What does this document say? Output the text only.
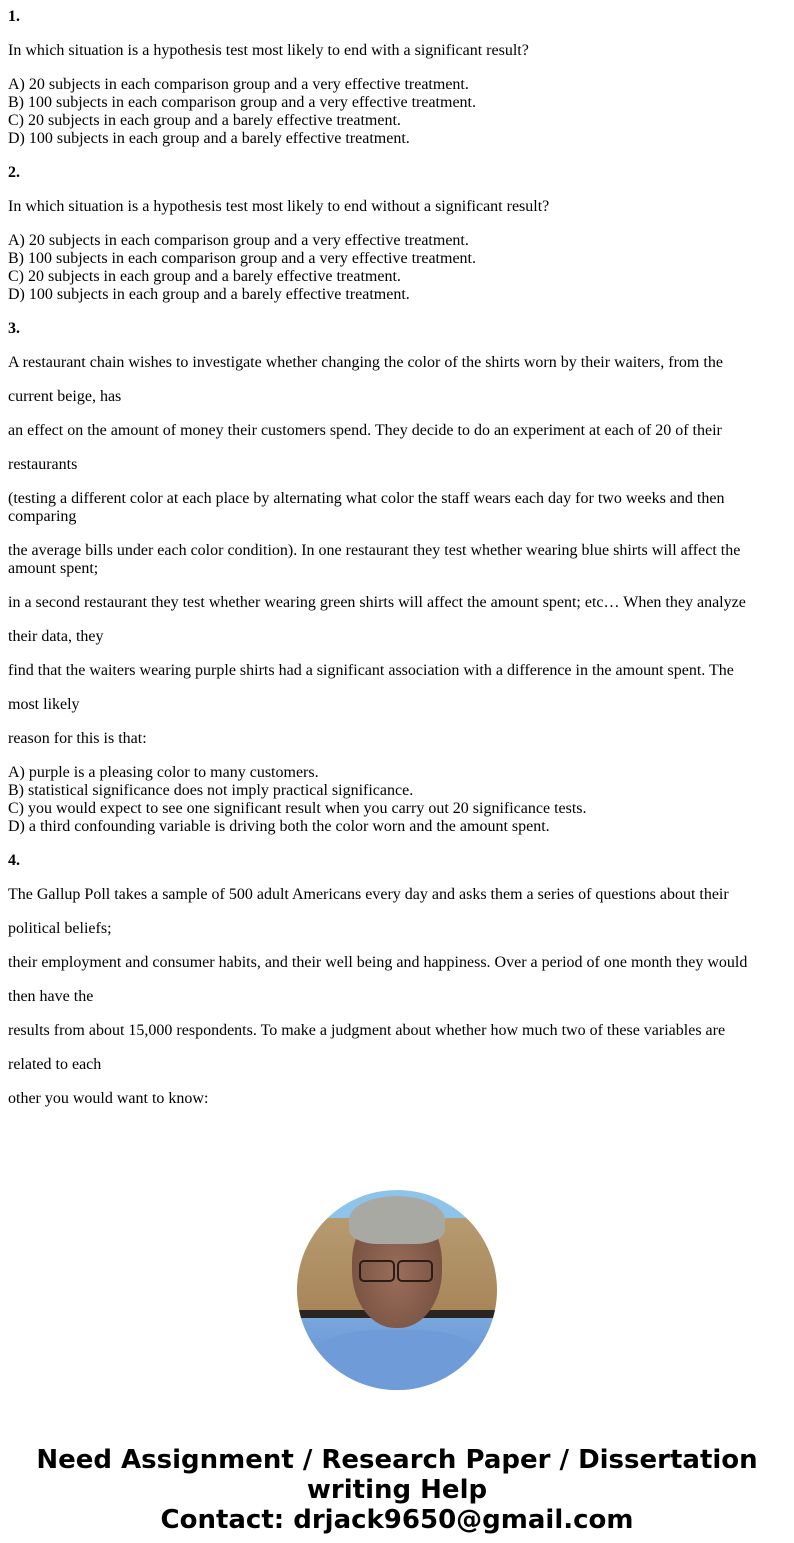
1.

In which situation is a hypothesis test most likely to end with a significant result?

A) 20 subjects in each comparison group and a very effective treatment.
B) 100 subjects in each comparison group and a very effective treatment.
C) 20 subjects in each group and a barely effective treatment.
D) 100 subjects in each group and a barely effective treatment.

2.

In which situation is a hypothesis test most likely to end without a significant result?

A) 20 subjects in each comparison group and a very effective treatment.
B) 100 subjects in each comparison group and a very effective treatment.
C) 20 subjects in each group and a barely effective treatment.
D) 100 subjects in each group and a barely effective treatment.

3.

A restaurant chain wishes to investigate whether changing the color of the shirts worn by their waiters, from the

current beige, has

an effect on the amount of money their customers spend. They decide to do an experiment at each of 20 of their

restaurants

(testing a different color at each place by alternating what color the staff wears each day for two weeks and then comparing

the average bills under each color condition). In one restaurant they test whether wearing blue shirts will affect the amount spent;

in a second restaurant they test whether wearing green shirts will affect the amount spent; etc… When they analyze

their data, they

find that the waiters wearing purple shirts had a significant association with a difference in the amount spent. The

most likely

reason for this is that:

A) purple is a pleasing color to many customers.
B) statistical significance does not imply practical significance.
C) you would expect to see one significant result when you carry out 20 significance tests.
D) a third confounding variable is driving both the color worn and the amount spent.

4.

The Gallup Poll takes a sample of 500 adult Americans every day and asks them a series of questions about their

political beliefs;

their employment and consumer habits, and their well being and happiness. Over a period of one month they would

then have the

results from about 15,000 respondents. To make a judgment about whether how much two of these variables are

related to each

other you would want to know:

Need Assignment / Research Paper / Dissertation
writing Help
Contact: drjack9650@gmail.com
